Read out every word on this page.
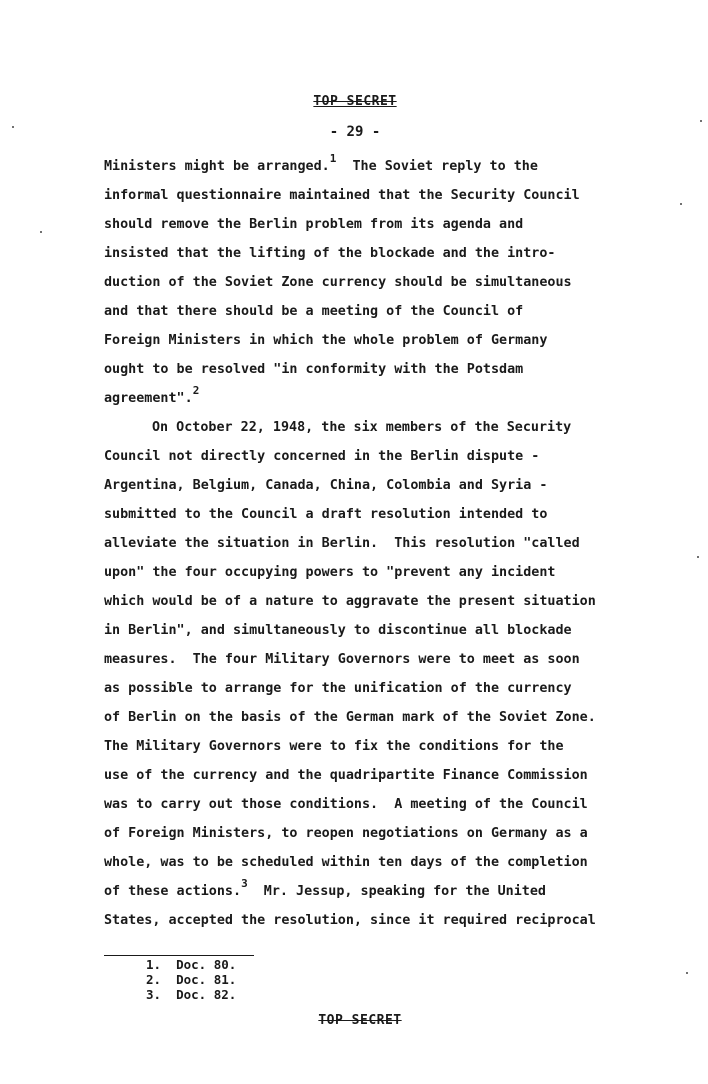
TOP SECRET
- 29 -
Ministers might be arranged.$^1$  The Soviet reply to the
informal questionnaire maintained that the Security Council
should remove the Berlin problem from its agenda and
insisted that the lifting of the blockade and the intro-
duction of the Soviet Zone currency should be simultaneous
and that there should be a meeting of the Council of
Foreign Ministers in which the whole problem of Germany
ought to be resolved "in conformity with the Potsdam
agreement".$^2$
On October 22, 1948, the six members of the Security
Council not directly concerned in the Berlin dispute -
Argentina, Belgium, Canada, China, Colombia and Syria -
submitted to the Council a draft resolution intended to
alleviate the situation in Berlin.  This resolution "called
upon" the four occupying powers to "prevent any incident
which would be of a nature to aggravate the present situation
in Berlin", and simultaneously to discontinue all blockade
measures.  The four Military Governors were to meet as soon
as possible to arrange for the unification of the currency
of Berlin on the basis of the German mark of the Soviet Zone.
The Military Governors were to fix the conditions for the
use of the currency and the quadripartite Finance Commission
was to carry out those conditions.  A meeting of the Council
of Foreign Ministers, to reopen negotiations on Germany as a
whole, was to be scheduled within ten days of the completion
of these actions.$^3$  Mr. Jessup, speaking for the United
States, accepted the resolution, since it required reciprocal
1.  Doc. 80.
2.  Doc. 81.
3.  Doc. 82.
TOP SECRET
